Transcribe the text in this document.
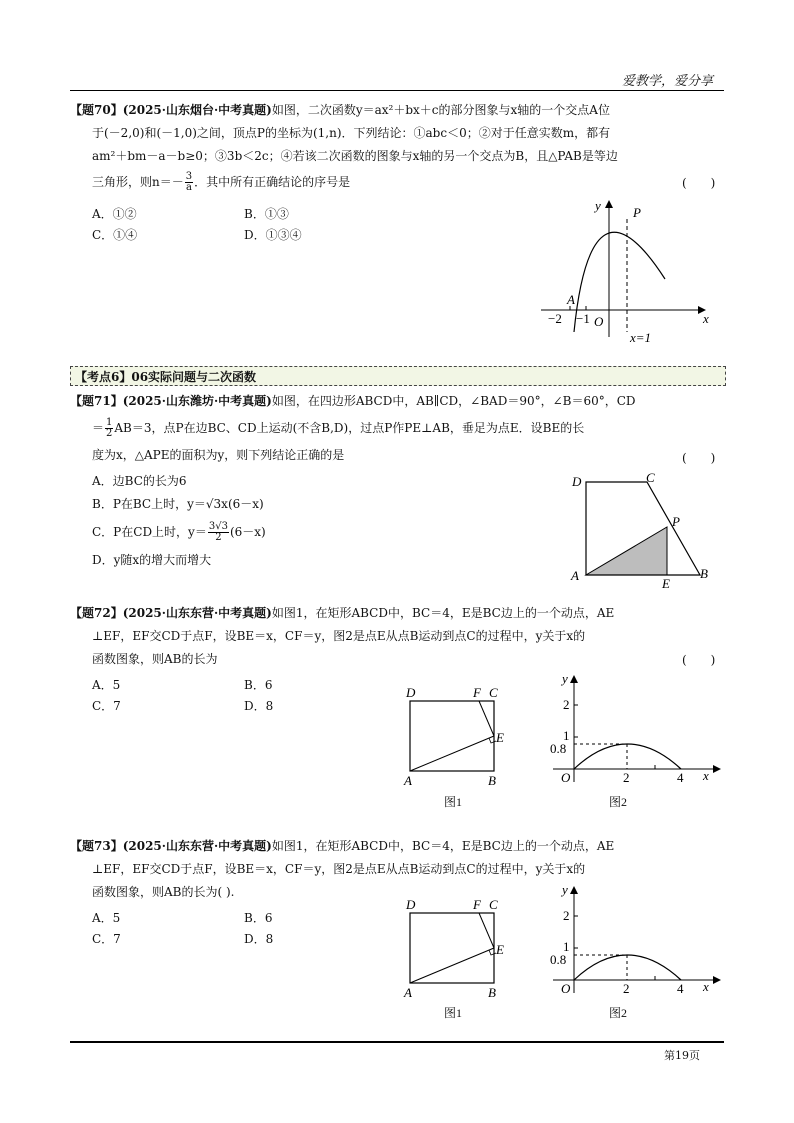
爱教学，爱分享
【题70】(2025·山东烟台·中考真题)如图，二次函数y＝ax²＋bx＋c的部分图象与x轴的一个交点A位
于(－2,0)和(－1,0)之间，顶点P的坐标为(1,n)．下列结论：①abc＜0；②对于任意实数m，都有
am²＋bm－a－b≥0；③3b＜2c；④若该二次函数的图象与x轴的另一个交点为B，且△PAB是等边
三角形，则$n=- \frac{3}{a}$ ．其中所有正确结论的序号是	(　　)
A．①②	B．①③
C．①④	D．①③④
y P
A
−2 −1 O	x
x=1
【考点6】06实际问题与二次函数
【题71】(2025·山东潍坊·中考真题)如图，在四边形ABCD中，AB∥CD，∠BAD＝90°，∠B＝60°，CD
＝ $\frac{1}{2} AB=3$，点P在边BC、CD上运动(不含B,D)，过点P作PE⊥AB，垂足为点E．设BE的长
度为x，△APE的面积为y，则下列结论正确的是	(　　)
A．边BC的长为6
B．P在BC上时，y＝√3x(6－x)
C．P在CD上时，$y= \frac{3√3}{2} (6-x)$
D．y随x的增大而增大
D	C
P
A
E
B
【题72】(2025·山东东营·中考真题)如图1，在矩形ABCD中，BC＝4，E是BC边上的一个动点，AE
⊥EF，EF交CD于点F，设BE＝x，CF＝y，图2是点E从点B运动到点C的过程中，y关于x的
函数图象，则AB的长为	(　　)
A．5	B．6
C．7	D．8
D	F C
E
A	B
图1
y
2
1
0.8
O	2	4 x
图2
【题73】(2025·山东东营·中考真题)如图1，在矩形ABCD中，BC＝4，E是BC边上的一个动点，AE
⊥EF，EF交CD于点F，设BE＝x，CF＝y，图2是点E从点B运动到点C的过程中，y关于x的
函数图象，则AB的长为( ).
A．5	B．6
C．7	D．8
D	F C
E
A	B
图1
y
2
1
0.8
O	2	4 x
图2
第19页
